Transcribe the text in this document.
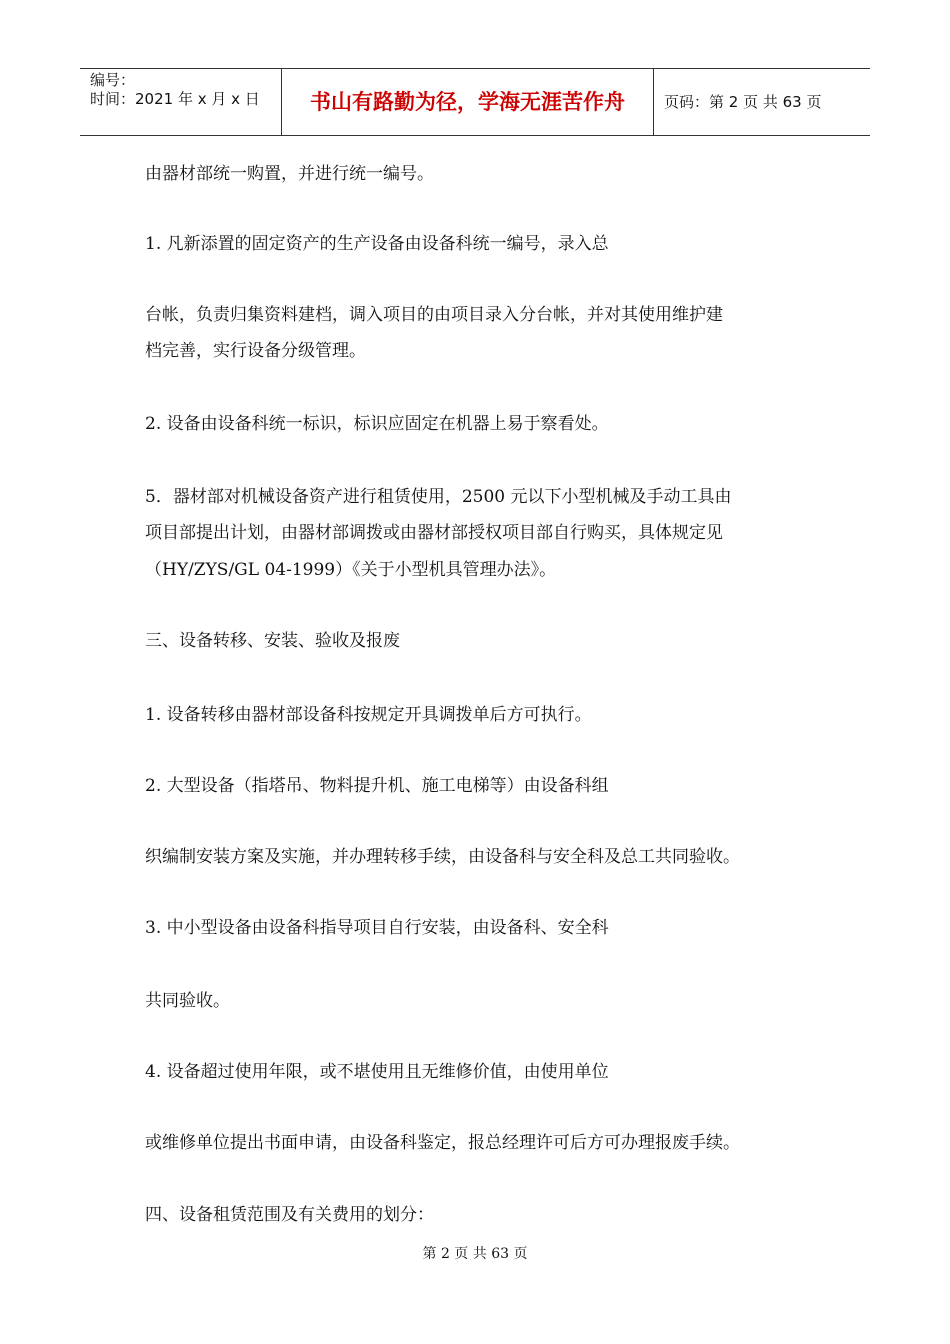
编号：
时间：2021 年 x 月 x 日	书山有路勤为径，学海无涯苦作舟	页码：第 2 页 共 63 页
由器材部统一购置，并进行统一编号。
1. 凡新添置的固定资产的生产设备由设备科统一编号，录入总
台帐，负责归集资料建档，调入项目的由项目录入分台帐，并对其使用维护建
档完善，实行设备分级管理。
2. 设备由设备科统一标识，标识应固定在机器上易于察看处。
5．器材部对机械设备资产进行租赁使用，2500 元以下小型机械及手动工具由
项目部提出计划，由器材部调拨或由器材部授权项目部自行购买，具体规定见
（HY/ZYS/GL 04-1999）《关于小型机具管理办法》。
三、设备转移、安装、验收及报废
1. 设备转移由器材部设备科按规定开具调拨单后方可执行。
2. 大型设备（指塔吊、物料提升机、施工电梯等）由设备科组
织编制安装方案及实施，并办理转移手续，由设备科与安全科及总工共同验收。
3. 中小型设备由设备科指导项目自行安装，由设备科、安全科
共同验收。
4. 设备超过使用年限，或不堪使用且无维修价值，由使用单位
或维修单位提出书面申请，由设备科鉴定，报总经理许可后方可办理报废手续。
四、设备租赁范围及有关费用的划分：
第 2 页 共 63 页
